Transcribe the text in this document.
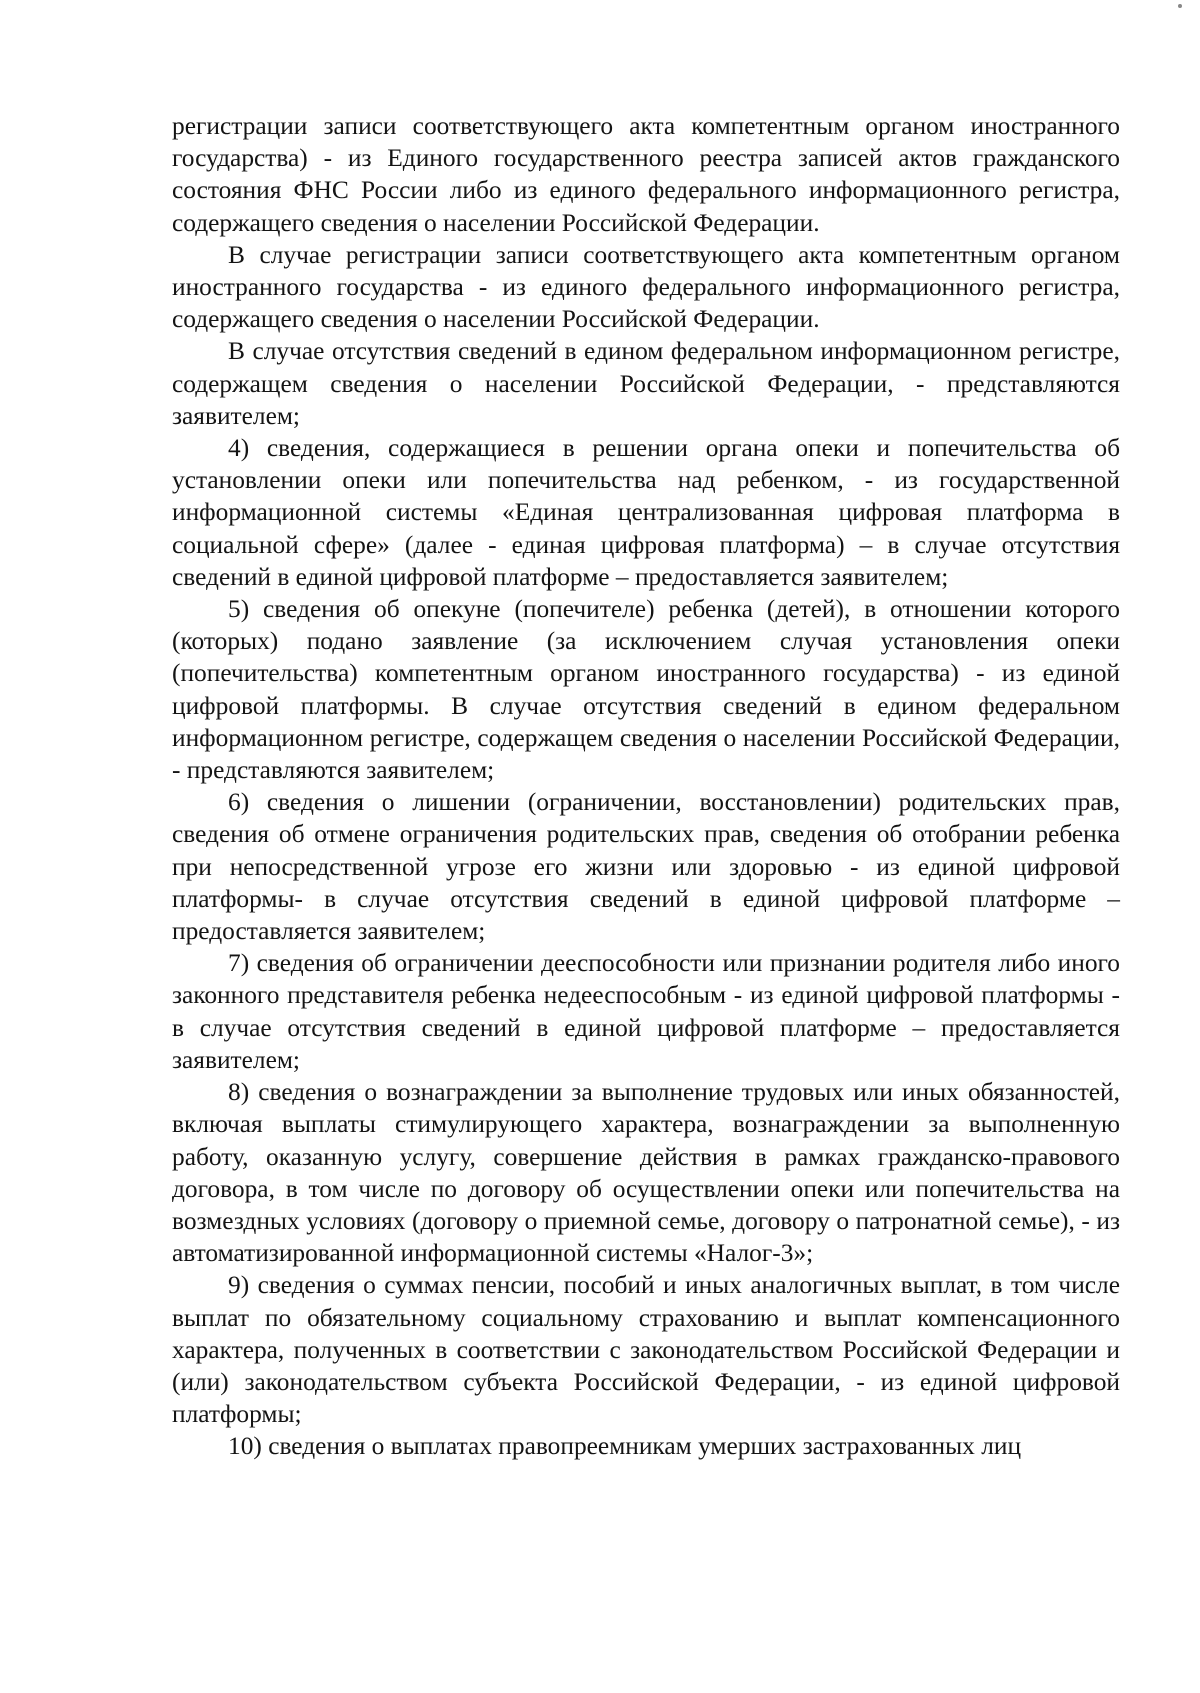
регистрации записи соответствующего акта компетентным органом иностранного государства) - из Единого государственного реестра записей актов гражданского состояния ФНС России либо из единого федерального информационного регистра, содержащего сведения о населении Российской Федерации.

В случае регистрации записи соответствующего акта компетентным органом иностранного государства - из единого федерального информационного регистра, содержащего сведения о населении Российской Федерации.

В случае отсутствия сведений в едином федеральном информационном регистре, содержащем сведения о населении Российской Федерации, - представляются заявителем;

4) сведения, содержащиеся в решении органа опеки и попечительства об установлении опеки или попечительства над ребенком, - из государственной информационной системы «Единая централизованная цифровая платформа в социальной сфере» (далее - единая цифровая платформа) – в случае отсутствия сведений в единой цифровой платформе – предоставляется заявителем;

5) сведения об опекуне (попечителе) ребенка (детей), в отношении которого (которых) подано заявление (за исключением случая установления опеки (попечительства) компетентным органом иностранного государства) - из единой цифровой платформы. В случае отсутствия сведений в едином федеральном информационном регистре, содержащем сведения о населении Российской Федерации, - представляются заявителем;

6) сведения о лишении (ограничении, восстановлении) родительских прав, сведения об отмене ограничения родительских прав, сведения об отобрании ребенка при непосредственной угрозе его жизни или здоровью - из единой цифровой платформы- в случае отсутствия сведений в единой цифровой платформе – предоставляется заявителем;

7) сведения об ограничении дееспособности или признании родителя либо иного законного представителя ребенка недееспособным - из единой цифровой платформы - в случае отсутствия сведений в единой цифровой платформе – предоставляется заявителем;

8) сведения о вознаграждении за выполнение трудовых или иных обязанностей, включая выплаты стимулирующего характера, вознаграждении за выполненную работу, оказанную услугу, совершение действия в рамках гражданско-правового договора, в том числе по договору об осуществлении опеки или попечительства на возмездных условиях (договору о приемной семье, договору о патронатной семье), - из автоматизированной информационной системы «Налог-3»;

9) сведения о суммах пенсии, пособий и иных аналогичных выплат, в том числе выплат по обязательному социальному страхованию и выплат компенсационного характера, полученных в соответствии с законодательством Российской Федерации и (или) законодательством субъекта Российской Федерации, - из единой цифровой платформы;

10) сведения о выплатах правопреемникам умерших застрахованных лиц
